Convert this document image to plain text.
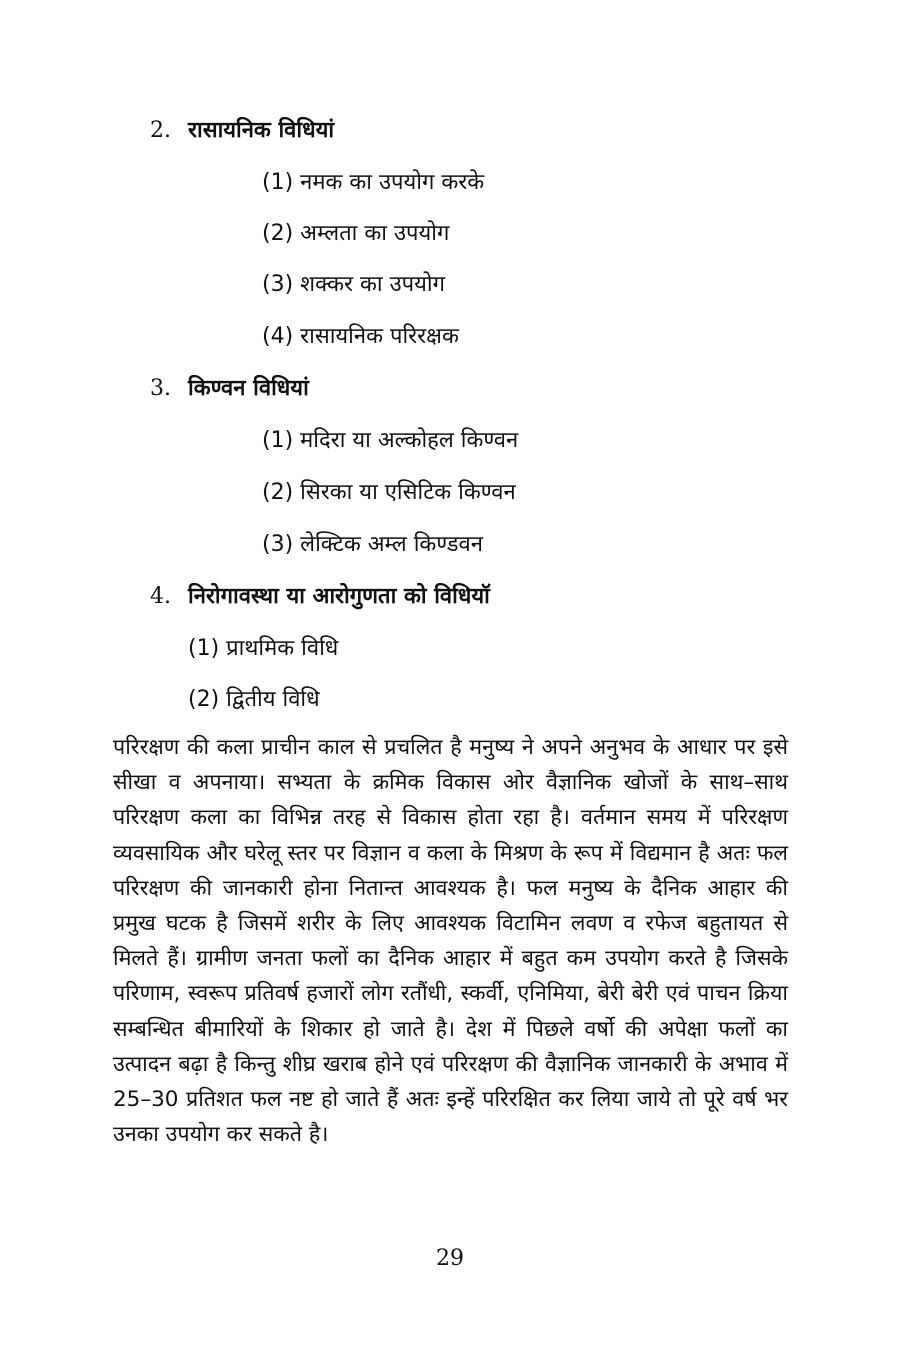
2. रासायनिक विधियां
(1) नमक का उपयोग करके
(2) अम्लता का उपयोग
(3) शक्कर का उपयोग
(4) रासायनिक परिरक्षक
3. किण्वन विधियां
(1) मदिरा या अल्कोहल किण्वन
(2) सिरका या एसिटिक किण्वन
(3) लेक्टिक अम्ल किण्डवन
4. निरोगावस्था या आरोगुणता को विधियॉ
(1) प्राथमिक विधि
(2) द्वितीय विधि

परिरक्षण की कला प्राचीन काल से प्रचलित है मनुष्य ने अपने अनुभव के आधार पर इसे सीखा व अपनाया। सभ्यता के क्रमिक विकास ओर वैज्ञानिक खोजों के साथ–साथ परिरक्षण कला का विभिन्न तरह से विकास होता रहा है। वर्तमान समय में परिरक्षण व्यवसायिक और घरेलू स्तर पर विज्ञान व कला के मिश्रण के रूप में विद्यमान है अतः फल परिरक्षण की जानकारी होना नितान्त आवश्यक है। फल मनुष्य के दैनिक आहार की प्रमुख घटक है जिसमें शरीर के लिए आवश्यक विटामिन लवण व रफेज बहुतायत से मिलते हैं। ग्रामीण जनता फलों का दैनिक आहार में बहुत कम उपयोग करते है जिसके परिणाम, स्वरूप प्रतिवर्ष हजारों लोग रतौंधी, स्कर्वी, एनिमिया, बेरी बेरी एवं पाचन क्रिया सम्बन्धित बीमारियों के शिकार हो जाते है। देश में पिछले वर्षो की अपेक्षा फलों का उत्पादन बढ़ा है किन्तु शीघ्र खराब होने एवं परिरक्षण की वैज्ञानिक जानकारी के अभाव में 25–30 प्रतिशत फल नष्ट हो जाते हैं अतः इन्हें परिरक्षित कर लिया जाये तो पूरे वर्ष भर उनका उपयोग कर सकते है।

29
